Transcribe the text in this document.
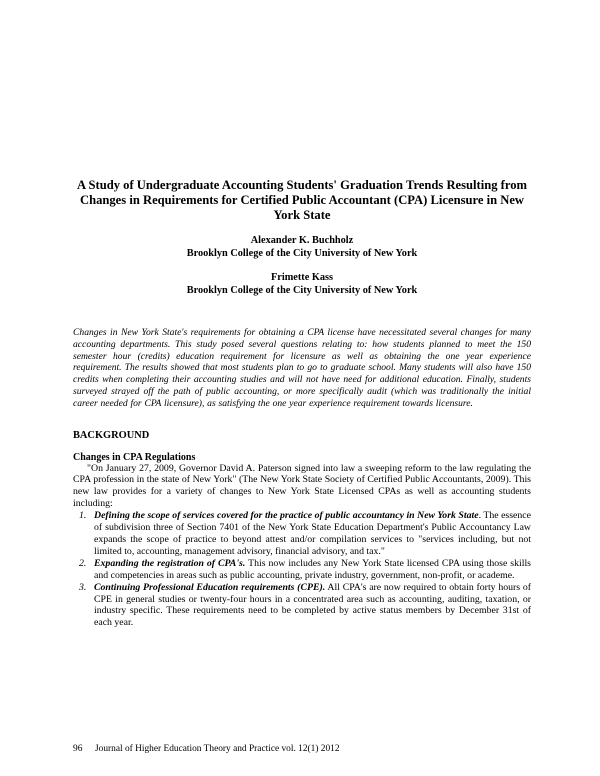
A Study of Undergraduate Accounting Students' Graduation Trends Resulting from Changes in Requirements for Certified Public Accountant (CPA) Licensure in New York State
Alexander K. Buchholz
Brooklyn College of the City University of New York
Frimette Kass
Brooklyn College of the City University of New York
Changes in New York State's requirements for obtaining a CPA license have necessitated several changes for many accounting departments. This study posed several questions relating to: how students planned to meet the 150 semester hour (credits) education requirement for licensure as well as obtaining the one year experience requirement. The results showed that most students plan to go to graduate school. Many students will also have 150 credits when completing their accounting studies and will not have need for additional education. Finally, students surveyed strayed off the path of public accounting, or more specifically audit (which was traditionally the initial career needed for CPA licensure), as satisfying the one year experience requirement towards licensure.
BACKGROUND
Changes in CPA Regulations
"On January 27, 2009, Governor David A. Paterson signed into law a sweeping reform to the law regulating the CPA profession in the state of New York" (The New York State Society of Certified Public Accountants, 2009). This new law provides for a variety of changes to New York State Licensed CPAs as well as accounting students including:
1. Defining the scope of services covered for the practice of public accountancy in New York State. The essence of subdivision three of Section 7401 of the New York State Education Department's Public Accountancy Law expands the scope of practice to beyond attest and/or compilation services to "services including, but not limited to, accounting, management advisory, financial advisory, and tax."
2. Expanding the registration of CPA's. This now includes any New York State licensed CPA using those skills and competencies in areas such as public accounting, private industry, government, non-profit, or academe.
3. Continuing Professional Education requirements (CPE). All CPA's are now required to obtain forty hours of CPE in general studies or twenty-four hours in a concentrated area such as accounting, auditing, taxation, or industry specific. These requirements need to be completed by active status members by December 31st of each year.
96 Journal of Higher Education Theory and Practice vol. 12(1) 2012
